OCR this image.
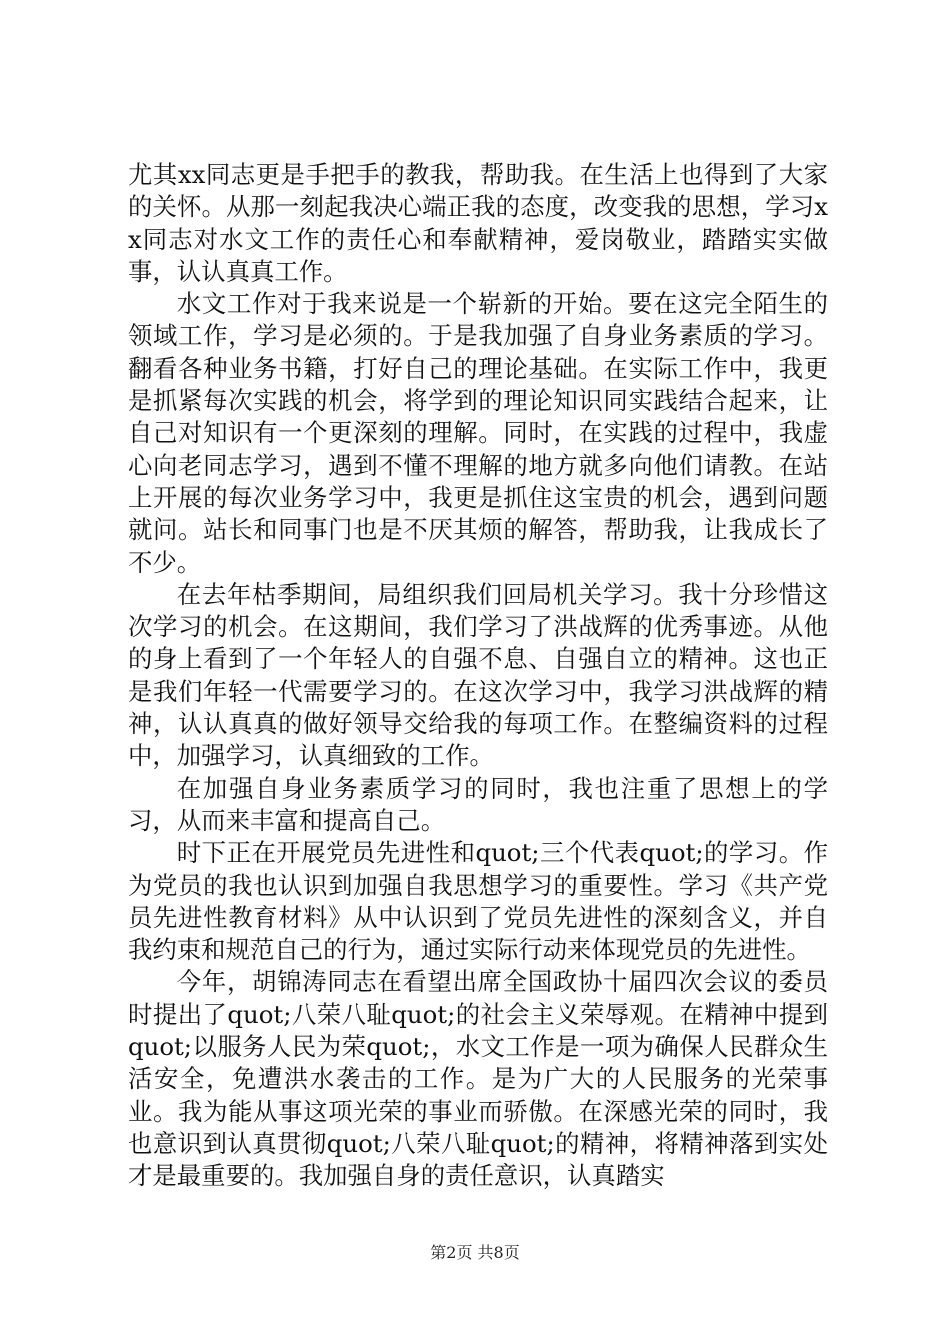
尤其xx同志更是手把手的教我，帮助我。在生活上也得到了大家的关怀。从那一刻起我决心端正我的态度，改变我的思想，学习xx同志对水文工作的责任心和奉献精神，爱岗敬业，踏踏实实做事，认认真真工作。

水文工作对于我来说是一个崭新的开始。要在这完全陌生的领域工作，学习是必须的。于是我加强了自身业务素质的学习。翻看各种业务书籍，打好自己的理论基础。在实际工作中，我更是抓紧每次实践的机会，将学到的理论知识同实践结合起来，让自己对知识有一个更深刻的理解。同时，在实践的过程中，我虚心向老同志学习，遇到不懂不理解的地方就多向他们请教。在站上开展的每次业务学习中，我更是抓住这宝贵的机会，遇到问题就问。站长和同事门也是不厌其烦的解答，帮助我，让我成长了不少。

在去年枯季期间，局组织我们回局机关学习。我十分珍惜这次学习的机会。在这期间，我们学习了洪战辉的优秀事迹。从他的身上看到了一个年轻人的自强不息、自强自立的精神。这也正是我们年轻一代需要学习的。在这次学习中，我学习洪战辉的精神，认认真真的做好领导交给我的每项工作。在整编资料的过程中，加强学习，认真细致的工作。

在加强自身业务素质学习的同时，我也注重了思想上的学习，从而来丰富和提高自己。

时下正在开展党员先进性和quot;三个代表quot;的学习。作为党员的我也认识到加强自我思想学习的重要性。学习《共产党员先进性教育材料》从中认识到了党员先进性的深刻含义，并自我约束和规范自己的行为，通过实际行动来体现党员的先进性。

今年，胡锦涛同志在看望出席全国政协十届四次会议的委员时提出了quot;八荣八耻quot;的社会主义荣辱观。在精神中提到quot;以服务人民为荣quot;，水文工作是一项为确保人民群众生活安全，免遭洪水袭击的工作。是为广大的人民服务的光荣事业。我为能从事这项光荣的事业而骄傲。在深感光荣的同时，我也意识到认真贯彻quot;八荣八耻quot;的精神，将精神落到实处才是最重要的。我加强自身的责任意识，认真踏实

第2页 共8页
